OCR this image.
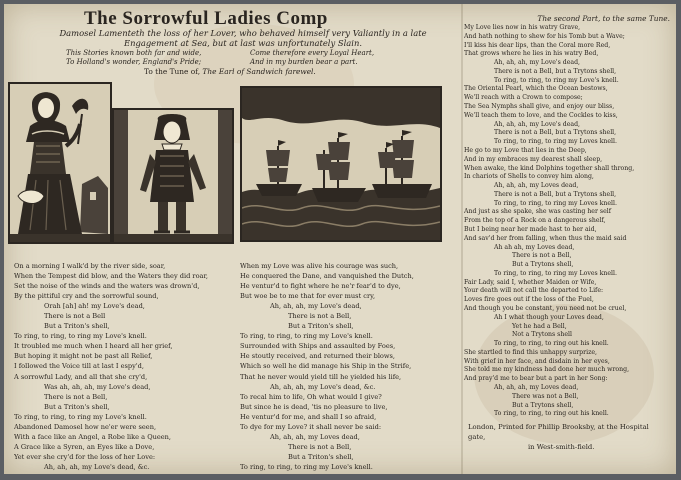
The Sorrowful Ladies Comp
Damosel Lamenteth the loss of her Lover, who behaved himself very Valiantly in a late Engagement at Sea, but at last was unfortunately Slain.
This Stories known both far and wide,
To Holland's wonder, England's Pride;
Come therefore every Loyal Heart,
And in my burden bear a part.
To the Tune of, The Earl of Sandwich farewel.
The second Part, to the same Tune.
On a morning I walk'd by the river side, soar,
When the Tempest did blow, and the Waters they did roar,
Set the noise of the winds and the waters was drown'd,
By the pittiful cry and the sorrowful sound,
Orah [ah] ah! my Love's dead,
There is not a Bell
But a Triton's shell,
To ring, to ring, to ring my Love's knell.
It troubled me much when I heard all her grief,
But hoping it might not be past all Relief,
I followed the Voice till at last I espy'd,
A sorrowful Lady, and all that she cry'd,
Was ah, ah, ah, my Love's dead,
There is not a Bell,
But a Triton's shell,
To ring, to ring, to ring my Love's knell.
Abandoned Damosel how ne'er were seen,
With a face like an Angel, a Robe like a Queen,
A Grace like a Syren, an Eyes like a Dove,
Yet ever she cry'd for the loss of her Love:
Ah, ah, ah, my Love's dead, &c.
When my Love was alive his courage was such,
He conquered the Dane, and vanquished the Dutch,
He ventur'd to fight where he ne'r fear'd to dye,
But woe be to me that for ever must cry,
Ah, ah, ah, my Love's dead,
There is not a Bell,
But a Triton's shell,
To ring, to ring, to ring my Love's knell.
Surrounded with Ships and assaulted by Foes,
He stoutly received, and returned their blows,
Which so well he did manage his Ship in the Strife,
That he never would yield till he yielded his life,
Ah, ah, ah, my Love's dead, &c.
To recal him to life, Oh what would I give?
But since he is dead, 'tis no pleasure to live,
He ventur'd for me, and shall I so afraid,
To dye for my Love? it shall never be said:
Ah, ah, ah, my Loves dead,
There is not a Bell,
But a Triton's shell,
To ring, to ring, to ring my Love's knell.
My Love lies now in his watry Grave,
And hath nothing to shew for his Tomb but a Wave;
I'll kiss his dear lips, than the Coral more Red,
That grows where he lies in his watry Bed,
Ah, ah, ah, my Love's dead,
There is not a Bell, but a Trytons shell,
To ring, to ring, to ring my Love's knell.
The Oriental Pearl, which the Ocean bestows,
We'll reach with a Crown to compose;
The Sea Nymphs shall give, and enjoy our bliss,
We'll teach them to love, and the Cockles to kiss,
Ah, ah, ah, my Love's dead,
There is not a Bell, but a Trytons shell,
To ring, to ring, to ring my Loves knell.
He go to my Love that lies in the Deep,
And in my embraces my dearest shall sleep,
When awake, the kind Dolphins together shall throng,
In chariots of Shells to convey him along,
Ah, ah, ah, my Loves dead,
There is not a Bell, but a Trytons shell,
To ring, to ring, to ring my Loves knell.
And just as she spake, she was casting her self
From the top of a Rock on a dangerous shelf,
But I being near her made hast to her aid,
And sav'd her from falling, when thus the maid said
Ah ah ah, my Loves dead,
There is not a Bell,
But a Trytons shell,
To ring, to ring, to ring my Loves knell.
Fair Lady, said I, whether Maiden or Wife,
Your death will not call the departed to Life:
Loves fire goes out if the loss of the Fuel,
And though you be constant, you need not be cruel,
Ah I what though your Loves dead,
Yet he had a Bell,
Not a Trytons shell
To ring, to ring, to ring out his knell.
She startled to find this unhappy surprize,
With grief in her face, and disdain in her eyes,
She told me my kindness had done her much wrong,
And pray'd me to bear but a part in her Song:
Ah, ah, ah, my Loves dead,
There was not a Bell,
But a Trytons shell,
To ring, to ring, to ring out his knell.
London, Printed for Phillip Brooksby, at the Hospital gate,
in West-smith-field.
